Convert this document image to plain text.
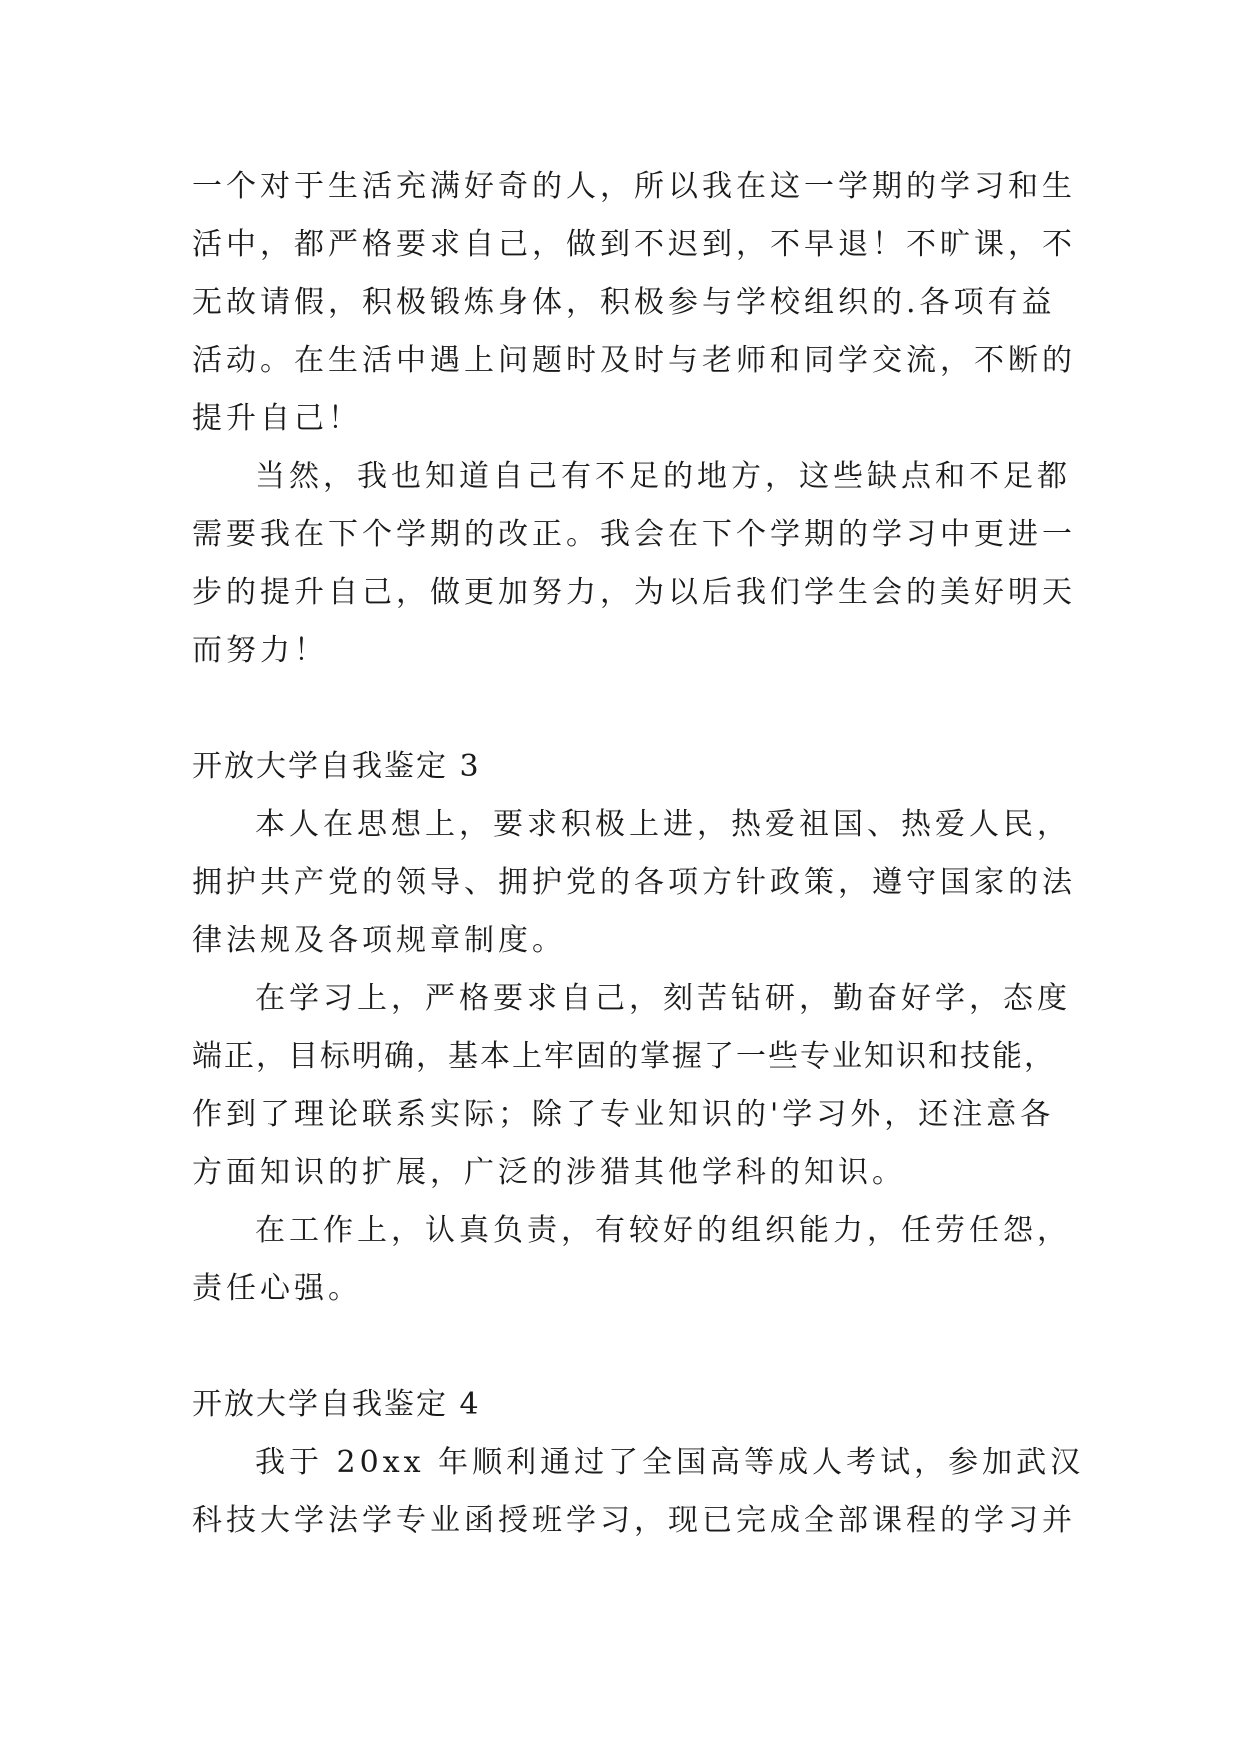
一个对于生活充满好奇的人，所以我在这一学期的学习和生
活中，都严格要求自己，做到不迟到，不早退！不旷课，不
无故请假，积极锻炼身体，积极参与学校组织的.各项有益
活动。在生活中遇上问题时及时与老师和同学交流，不断的
提升自己！
当然，我也知道自己有不足的地方，这些缺点和不足都
需要我在下个学期的改正。我会在下个学期的学习中更进一
步的提升自己，做更加努力，为以后我们学生会的美好明天
而努力！
开放大学自我鉴定 3
本人在思想上，要求积极上进，热爱祖国、热爱人民，
拥护共产党的领导、拥护党的各项方针政策，遵守国家的法
律法规及各项规章制度。
在学习上，严格要求自己，刻苦钻研，勤奋好学，态度
端正，目标明确，基本上牢固的掌握了一些专业知识和技能，
作到了理论联系实际；除了专业知识的'学习外，还注意各
方面知识的扩展，广泛的涉猎其他学科的知识。
在工作上，认真负责，有较好的组织能力，任劳任怨，
责任心强。
开放大学自我鉴定 4
我于 20xx 年顺利通过了全国高等成人考试，参加武汉
科技大学法学专业函授班学习，现已完成全部课程的学习并
